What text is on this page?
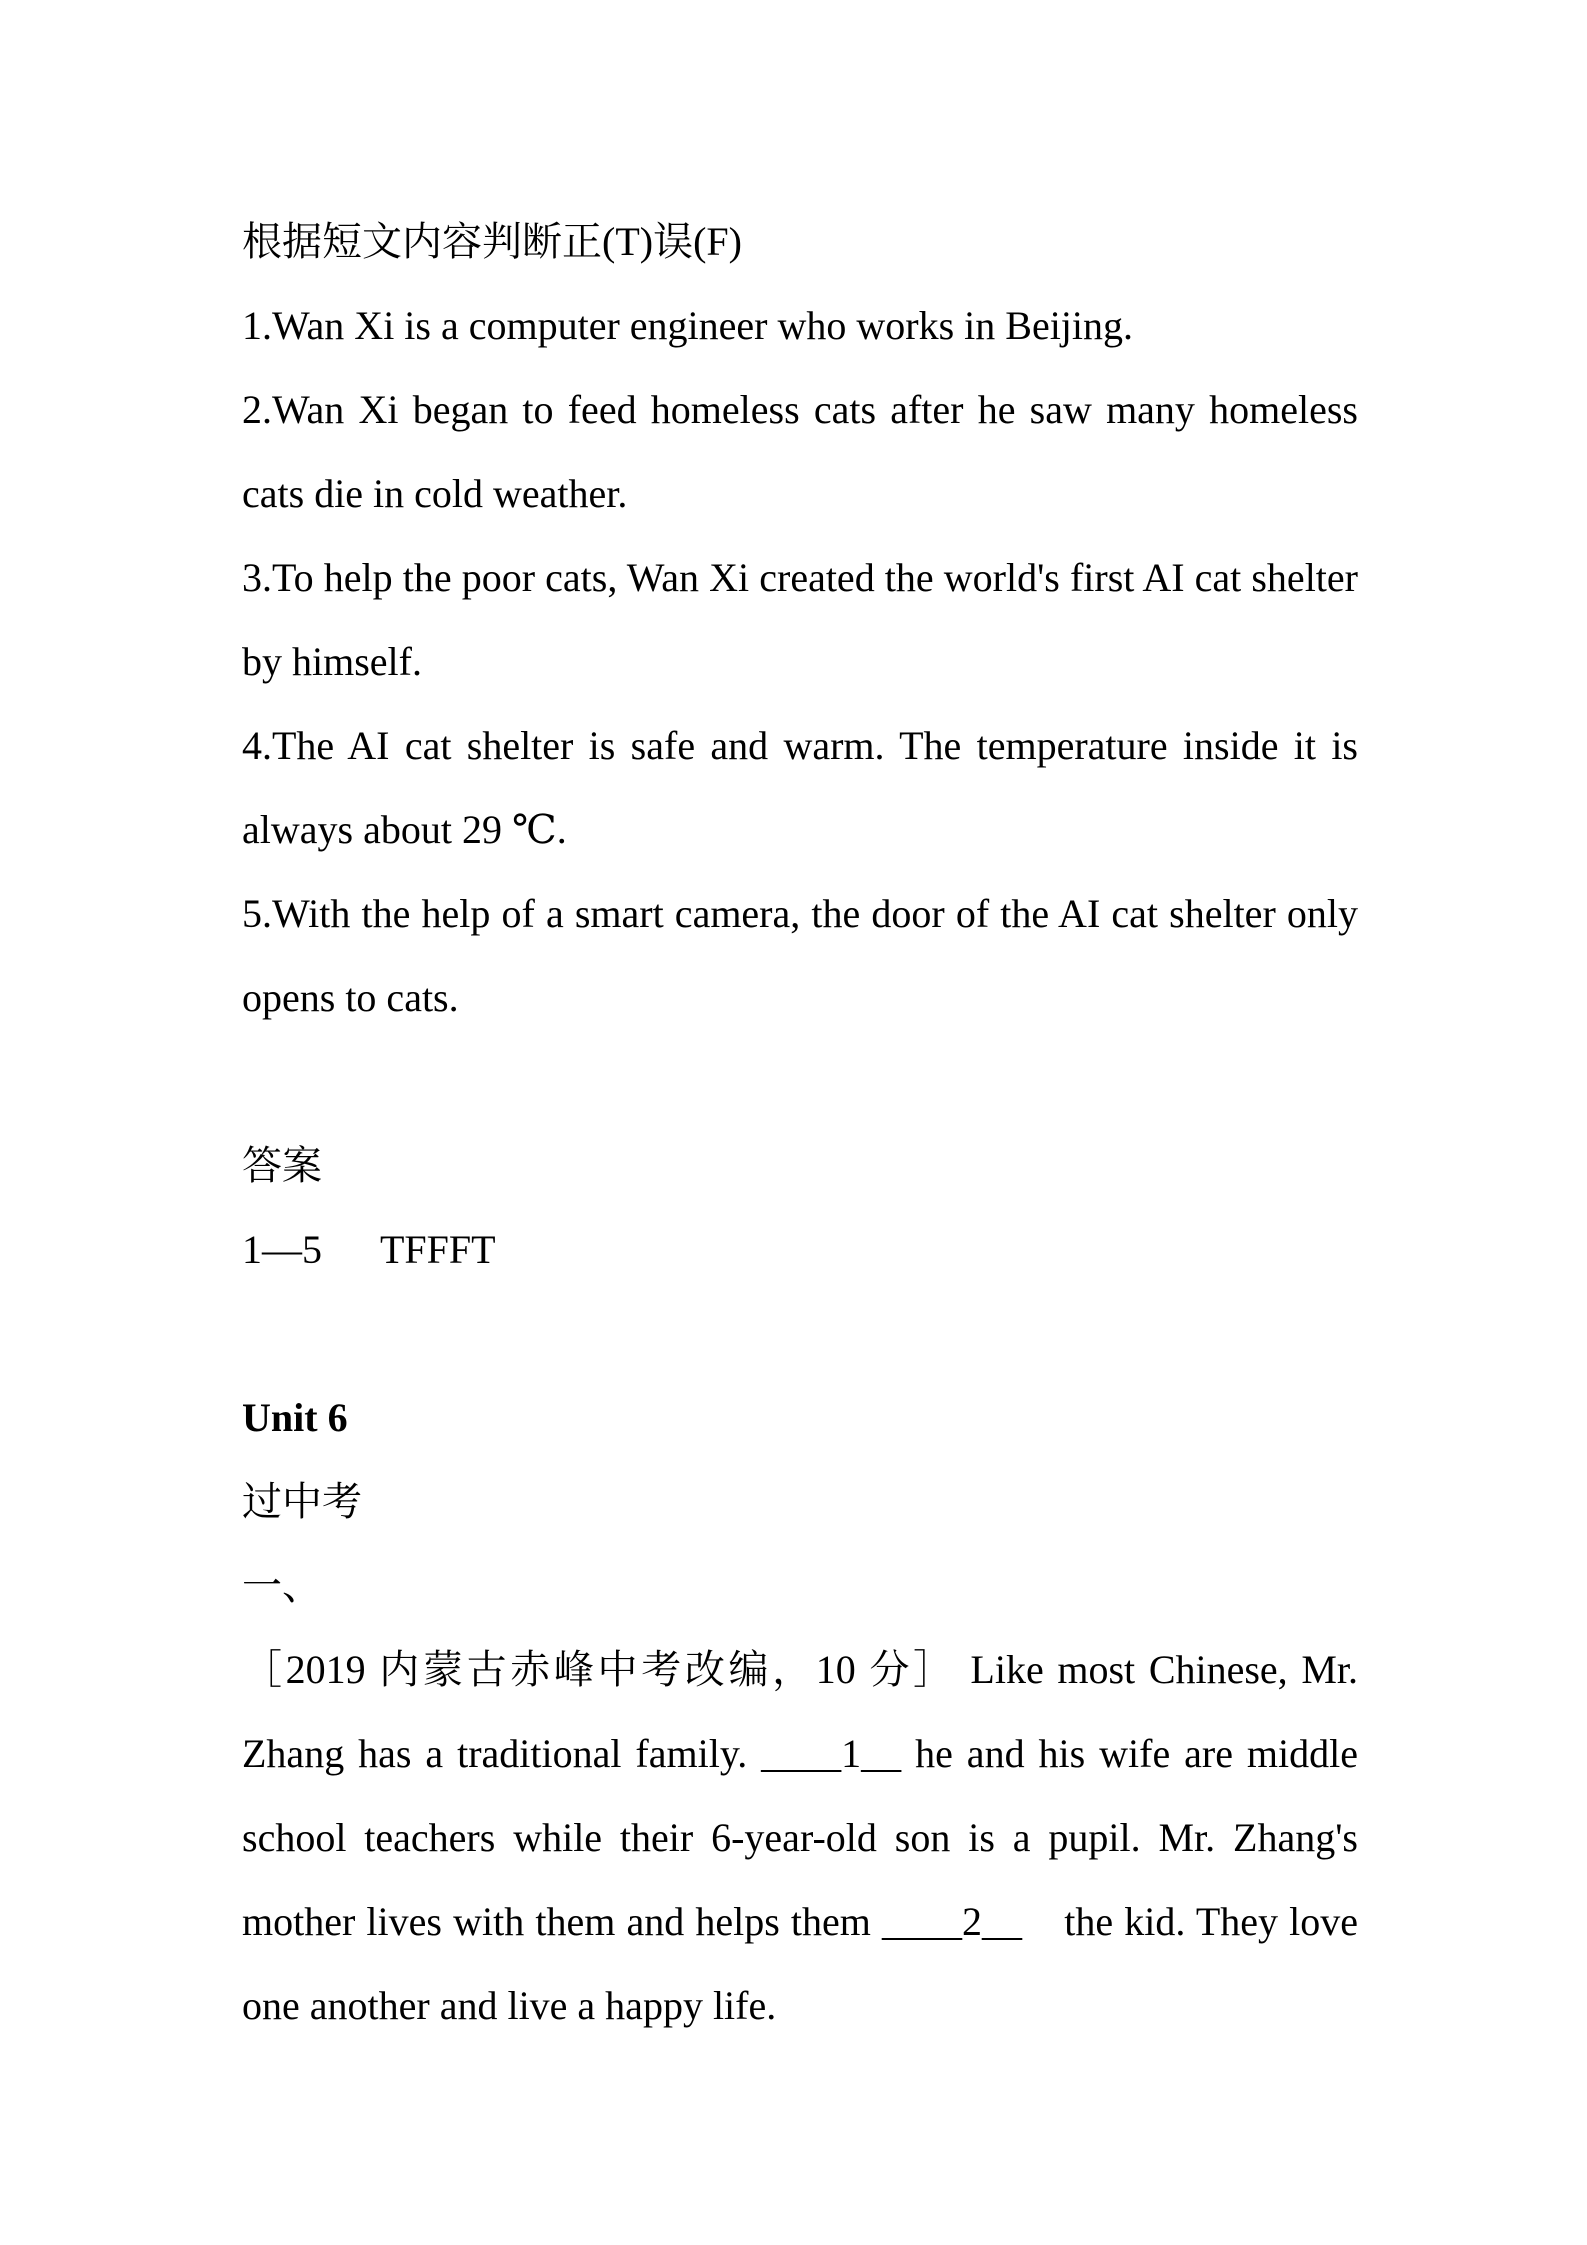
根据短文内容判断正(T)误(F)

1.Wan Xi is a computer engineer who works in Beijing.

2.Wan Xi began to feed homeless cats after he saw many homeless cats die in cold weather.

3.To help the poor cats, Wan Xi created the world's first AI cat shelter by himself.

4.The AI cat shelter is safe and warm. The temperature inside it is always about 29 ℃.

5.With the help of a smart camera, the door of the AI cat shelter only opens to cats.

答案

1—5 TFFFT

Unit 6

过中考

一、

［2019 内蒙古赤峰中考改编，10 分］ Like most Chinese, Mr. Zhang has a traditional family. ____1__ he and his wife are middle school teachers while their 6-year-old son is a pupil. Mr. Zhang's mother lives with them and helps them ____2__　the kid. They love one another and live a happy life.
